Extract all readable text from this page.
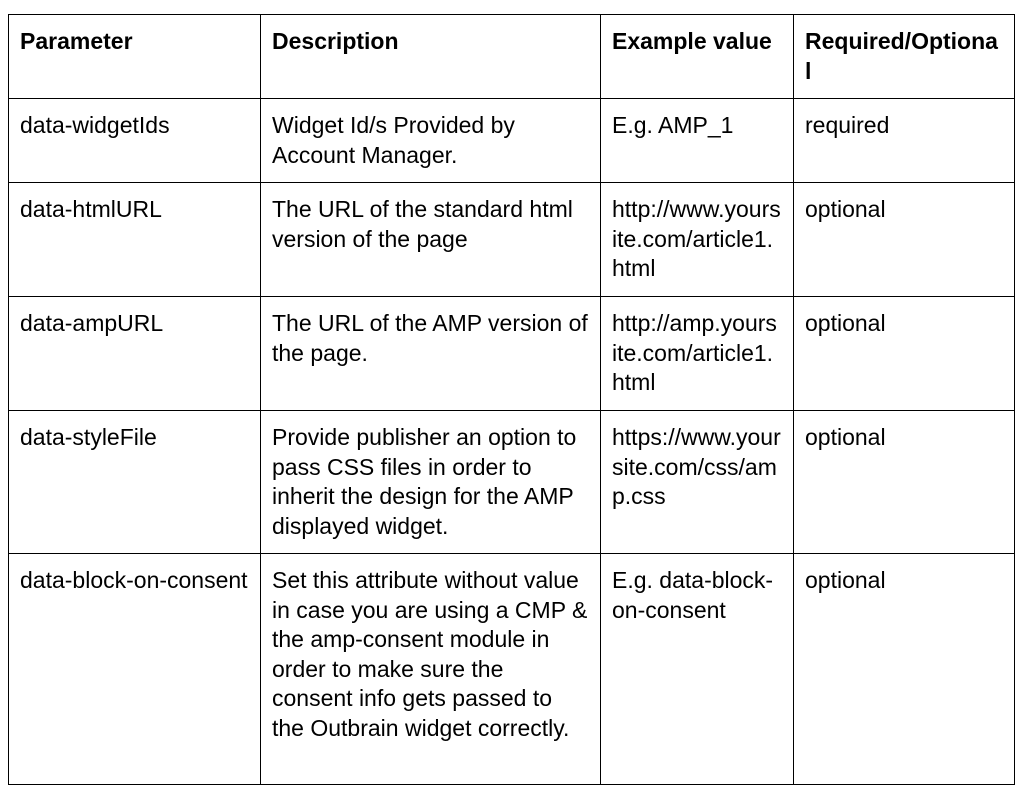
Parameter	Description	Example value	Required/Optional
data-widgetIds	Widget Id/s Provided by Account Manager.	E.g. AMP_1	required
data-htmlURL	The URL of the standard html version of the page	http://www.yoursite.com/article1.html	optional
data-ampURL	The URL of the AMP version of the page.	http://amp.yoursite.com/article1.html	optional
data-styleFile	Provide publisher an option to pass CSS files in order to inherit the design for the AMP displayed widget.	https://www.yoursite.com/css/amp.css	optional
data-block-on-consent	Set this attribute without value in case you are using a CMP & the amp-consent module in order to make sure the consent info gets passed to the Outbrain widget correctly.	E.g. data-block-on-consent	optional
